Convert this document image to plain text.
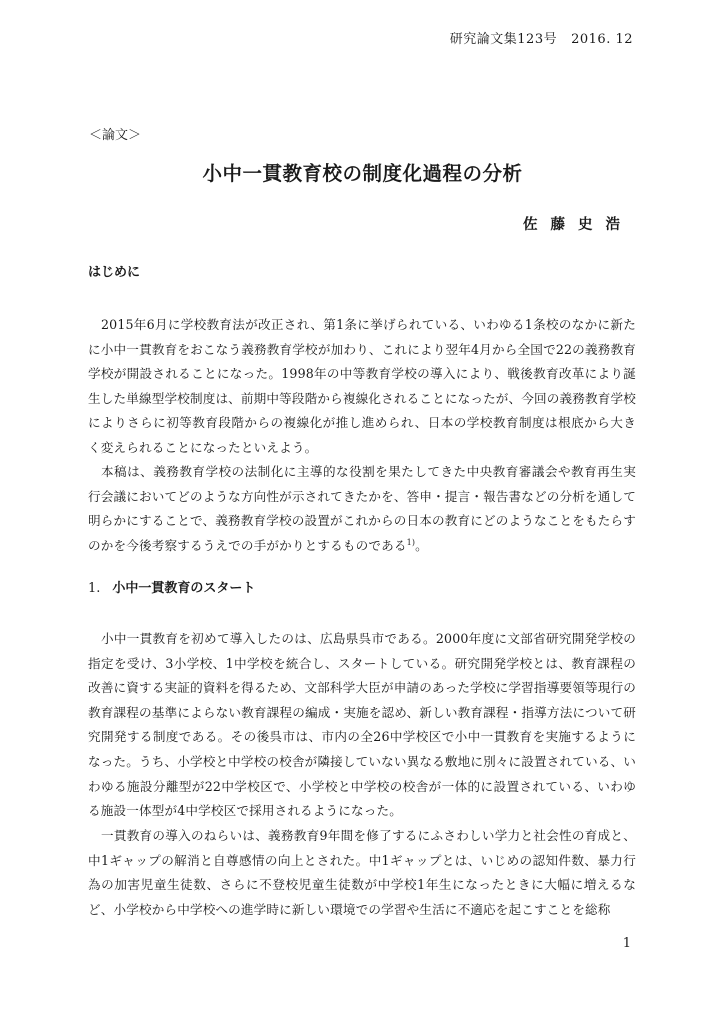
研究論文集123号 2016. 12
＜論文＞
小中一貫教育校の制度化過程の分析
佐藤史浩
はじめに

2015年6月に学校教育法が改正され、第1条に挙げられている、いわゆる1条校のなかに新たに小中一貫教育をおこなう義務教育学校が加わり、これにより翌年4月から全国で22の義務教育学校が開設されることになった。1998年の中等教育学校の導入により、戦後教育改革により誕生した単線型学校制度は、前期中等段階から複線化されることになったが、今回の義務教育学校によりさらに初等教育段階からの複線化が推し進められ、日本の学校教育制度は根底から大きく変えられることになったといえよう。

本稿は、義務教育学校の法制化に主導的な役割を果たしてきた中央教育審議会や教育再生実行会議においてどのような方向性が示されてきたかを、答申・提言・報告書などの分析を通して明らかにすることで、義務教育学校の設置がこれからの日本の教育にどのようなことをもたらすのかを今後考察するうえでの手がかりとするものである$^{1)}$。

1. 小中一貫教育のスタート

小中一貫教育を初めて導入したのは、広島県呉市である。2000年度に文部省研究開発学校の指定を受け、3小学校、1中学校を統合し、スタートしている。研究開発学校とは、教育課程の改善に資する実証的資料を得るため、文部科学大臣が申請のあった学校に学習指導要領等現行の教育課程の基準によらない教育課程の編成・実施を認め、新しい教育課程・指導方法について研究開発する制度である。その後呉市は、市内の全26中学校区で小中一貫教育を実施するようになった。うち、小学校と中学校の校舎が隣接していない異なる敷地に別々に設置されている、いわゆる施設分離型が22中学校区で、小学校と中学校の校舎が一体的に設置されている、いわゆる施設一体型が4中学校区で採用されるようになった。

一貫教育の導入のねらいは、義務教育9年間を修了するにふさわしい学力と社会性の育成と、中1ギャップの解消と自尊感情の向上とされた。中1ギャップとは、いじめの認知件数、暴力行為の加害児童生徒数、さらに不登校児童生徒数が中学校1年生になったときに大幅に増えるなど、小学校から中学校への進学時に新しい環境での学習や生活に不適応を起こすことを総称

1
